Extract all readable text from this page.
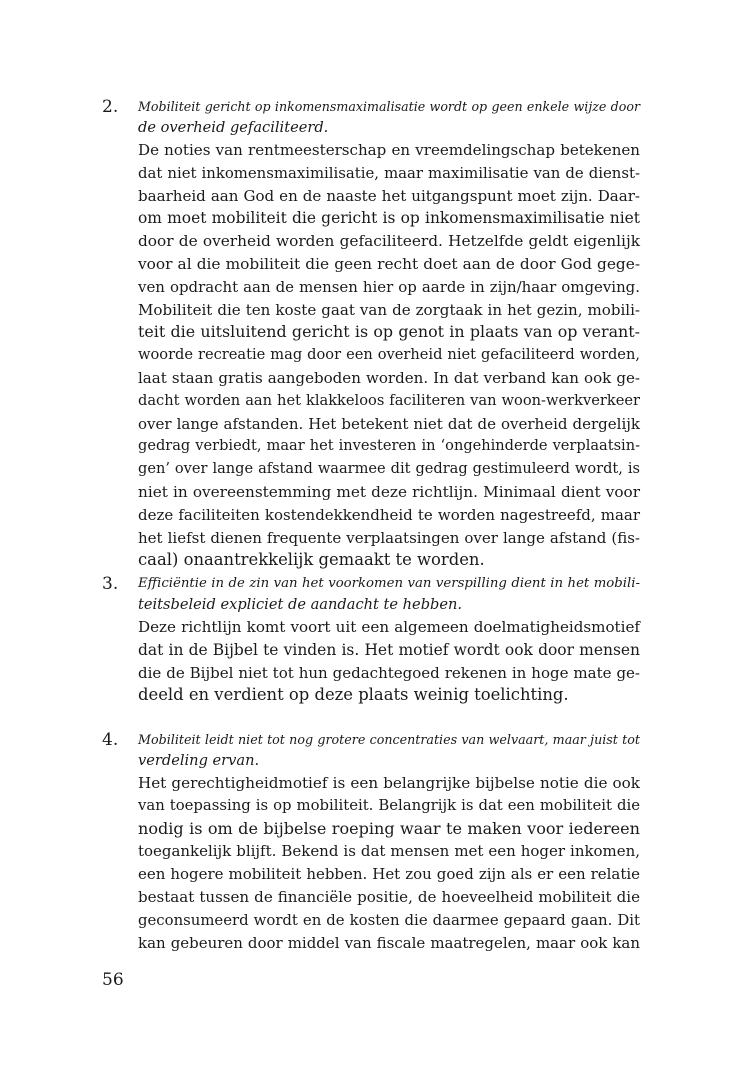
2. Mobiliteit gericht op inkomensmaximalisatie wordt op geen enkele wijze door
de overheid gefaciliteerd.
De noties van rentmeesterschap en vreemdelingschap betekenen
dat niet inkomensmaximilisatie, maar maximilisatie van de dienst-
baarheid aan God en de naaste het uitgangspunt moet zijn. Daar-
om moet mobiliteit die gericht is op inkomensmaximilisatie niet
door de overheid worden gefaciliteerd. Hetzelfde geldt eigenlijk
voor al die mobiliteit die geen recht doet aan de door God gege-
ven opdracht aan de mensen hier op aarde in zijn/haar omgeving.
Mobiliteit die ten koste gaat van de zorgtaak in het gezin, mobili-
teit die uitsluitend gericht is op genot in plaats van op verant-
woorde recreatie mag door een overheid niet gefaciliteerd worden,
laat staan gratis aangeboden worden. In dat verband kan ook ge-
dacht worden aan het klakkeloos faciliteren van woon-werkverkeer
over lange afstanden. Het betekent niet dat de overheid dergelijk
gedrag verbiedt, maar het investeren in ‘ongehinderde verplaatsin-
gen’ over lange afstand waarmee dit gedrag gestimuleerd wordt, is
niet in overeenstemming met deze richtlijn. Minimaal dient voor
deze faciliteiten kostendekkendheid te worden nagestreefd, maar
het liefst dienen frequente verplaatsingen over lange afstand (fis-
caal) onaantrekkelijk gemaakt te worden.
3. Efficiëntie in de zin van het voorkomen van verspilling dient in het mobili-
teitsbeleid expliciet de aandacht te hebben.
Deze richtlijn komt voort uit een algemeen doelmatigheidsmotief
dat in de Bijbel te vinden is. Het motief wordt ook door mensen
die de Bijbel niet tot hun gedachtegoed rekenen in hoge mate ge-
deeld en verdient op deze plaats weinig toelichting.
4. Mobiliteit leidt niet tot nog grotere concentraties van welvaart, maar juist tot
verdeling ervan.
Het gerechtigheidmotief is een belangrijke bijbelse notie die ook
van toepassing is op mobiliteit. Belangrijk is dat een mobiliteit die
nodig is om de bijbelse roeping waar te maken voor iedereen
toegankelijk blijft. Bekend is dat mensen met een hoger inkomen,
een hogere mobiliteit hebben. Het zou goed zijn als er een relatie
bestaat tussen de financiële positie, de hoeveelheid mobiliteit die
geconsumeerd wordt en de kosten die daarmee gepaard gaan. Dit
kan gebeuren door middel van fiscale maatregelen, maar ook kan
56
